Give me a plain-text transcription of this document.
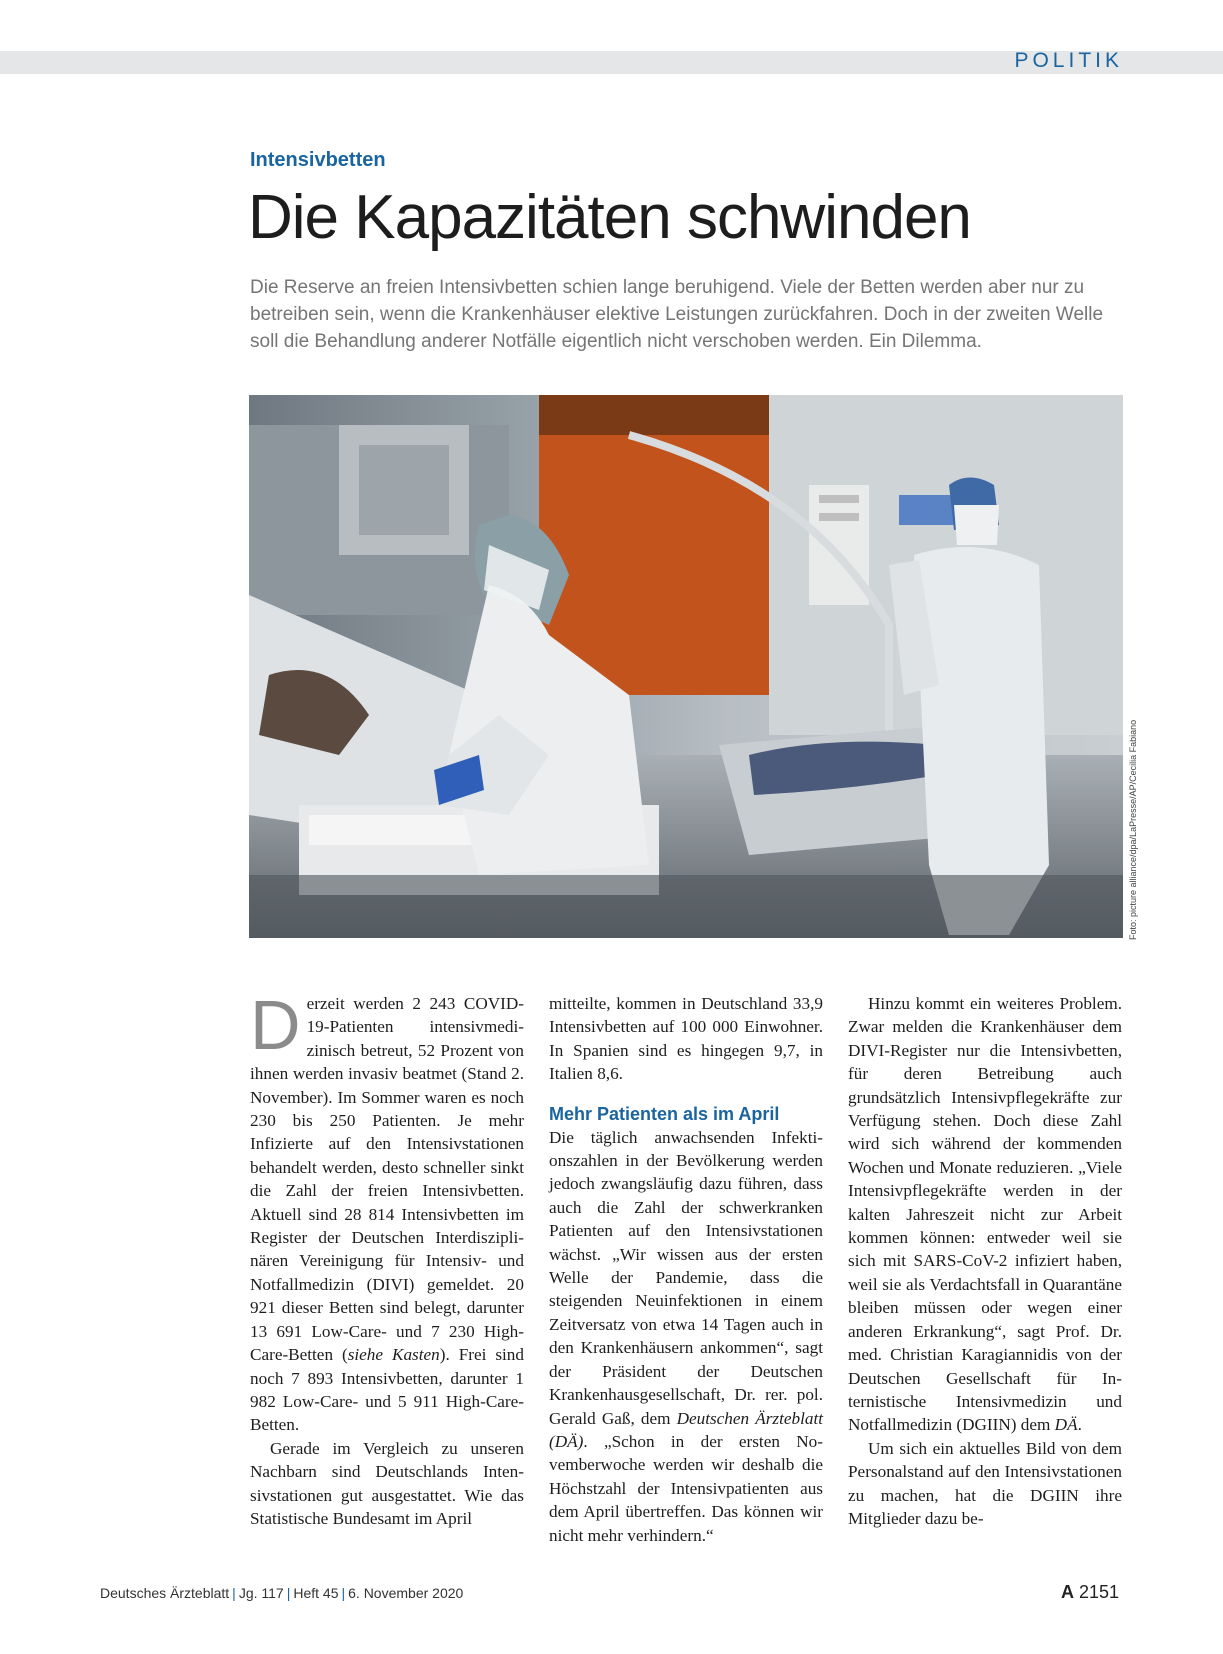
POLITIK
Intensivbetten
Die Kapazitäten schwinden

Die Reserve an freien Intensivbetten schien lange beruhigend. Viele der Betten werden aber nur zu betreiben sein, wenn die Krankenhäuser elektive Leistungen zurückfahren. Doch in der zweiten Welle soll die Behandlung anderer Notfälle eigentlich nicht verschoben werden. Ein Dilemma.

Foto: picture alliance/dpa/LaPresse/AP/Cecilia Fabiano

Derzeit werden 2 243 COVID-19-Patienten intensivmedizinisch betreut, 52 Prozent von ihnen werden invasiv beatmet (Stand 2. November). Im Sommer waren es noch 230 bis 250 Patienten. Je mehr Infizierte auf den Intensivstationen behandelt werden, desto schneller sinkt die Zahl der freien Intensivbetten. Aktuell sind 28 814 Intensivbetten im Register der Deutschen Interdisziplinären Vereinigung für Intensiv- und Notfallmedizin (DIVI) gemeldet. 20 921 dieser Betten sind belegt, darunter 13 691 Low-Care- und 7 230 High-Care-Betten (siehe Kasten). Frei sind noch 7 893 Intensivbetten, darunter 1 982 Low-Care- und 5 911 High-Care-Betten.

Gerade im Vergleich zu unseren Nachbarn sind Deutschlands Intensivstationen gut ausgestattet. Wie das Statistische Bundesamt im April

mitteilte, kommen in Deutschland 33,9 Intensivbetten auf 100 000 Einwohner. In Spanien sind es hingegen 9,7, in Italien 8,6.

Mehr Patienten als im April

Die täglich anwachsenden Infektionszahlen in der Bevölkerung werden jedoch zwangsläufig dazu führen, dass auch die Zahl der schwerkranken Patienten auf den Intensivstationen wächst. „Wir wissen aus der ersten Welle der Pandemie, dass die steigenden Neuinfektionen in einem Zeitversatz von etwa 14 Tagen auch in den Krankenhäusern ankommen“, sagt der Präsident der Deutschen Krankenhausgesellschaft, Dr. rer. pol. Gerald Gaß, dem Deutschen Ärzteblatt (DÄ). „Schon in der ersten Novemberwoche werden wir deshalb die Höchstzahl der Intensivpatienten aus dem April übertreffen. Das können wir nicht mehr verhindern.“

Hinzu kommt ein weiteres Problem. Zwar melden die Krankenhäuser dem DIVI-Register nur die Intensivbetten, für deren Betreibung auch grundsätzlich Intensivpflegekräfte zur Verfügung stehen. Doch diese Zahl wird sich während der kommenden Wochen und Monate reduzieren. „Viele Intensivpflegekräfte werden in der kalten Jahreszeit nicht zur Arbeit kommen können: entweder weil sie sich mit SARS-CoV-2 infiziert haben, weil sie als Verdachtsfall in Quarantäne bleiben müssen oder wegen einer anderen Erkrankung“, sagt Prof. Dr. med. Christian Karagiannidis von der Deutschen Gesellschaft für Internistische Intensivmedizin und Notfallmedizin (DGIIN) dem DÄ.

Um sich ein aktuelles Bild von dem Personalstand auf den Intensivstationen zu machen, hat die DGIIN ihre Mitglieder dazu be-

Deutsches Ärzteblatt | Jg. 117 | Heft 45 | 6. November 2020	A 2151
